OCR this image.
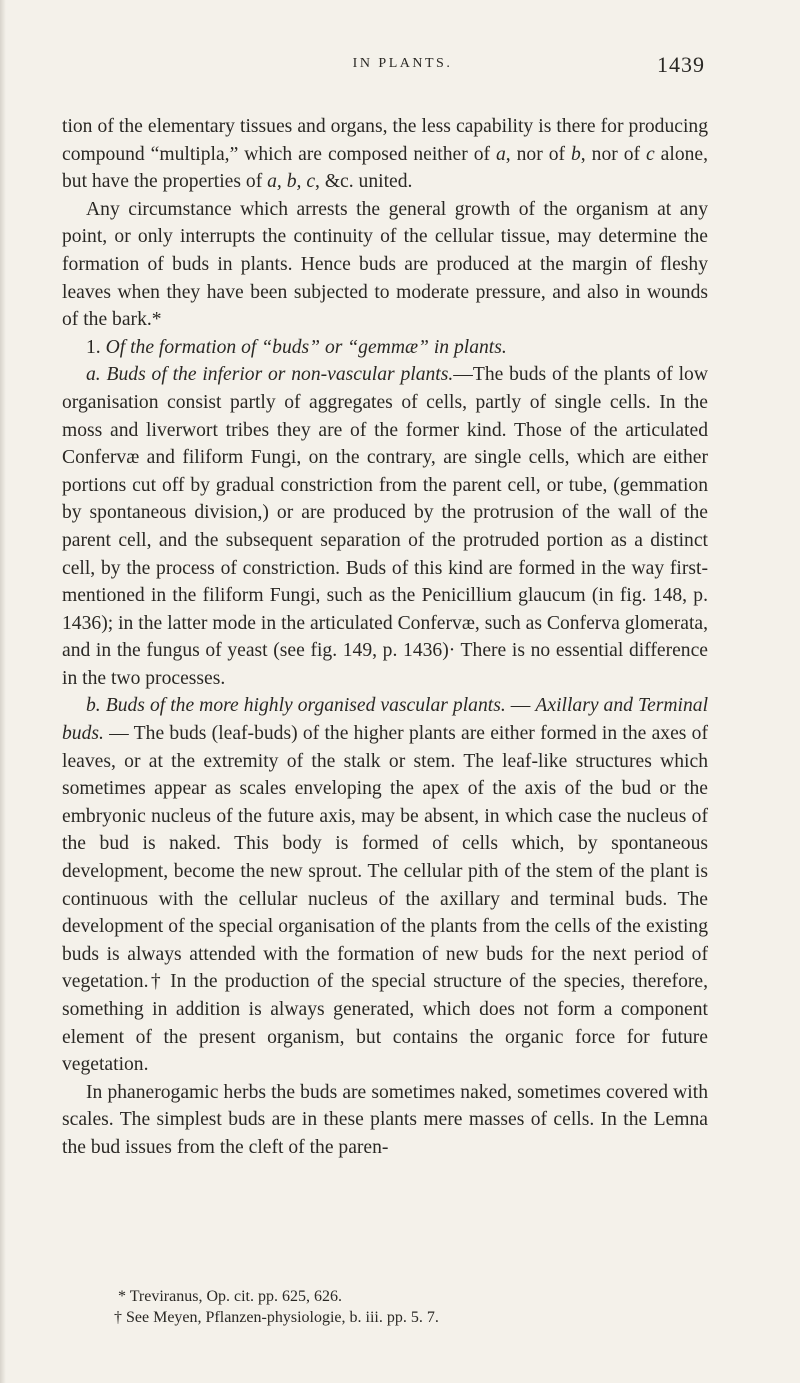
IN PLANTS.	1439

tion of the elementary tissues and organs, the less capability is there for producing compound “multipla,” which are composed neither of a, nor of b, nor of c alone, but have the properties of a, b, c, &c. united.

Any circumstance which arrests the general growth of the organism at any point, or only interrupts the continuity of the cellular tissue, may determine the formation of buds in plants. Hence buds are produced at the margin of fleshy leaves when they have been subjected to moderate pressure, and also in wounds of the bark.*

1. Of the formation of “buds” or “gemmæ” in plants.

a. Buds of the inferior or non-vascular plants.—The buds of the plants of low organisation consist partly of aggregates of cells, partly of single cells. In the moss and liverwort tribes they are of the former kind. Those of the articulated Confervæ and filiform Fungi, on the contrary, are single cells, which are either portions cut off by gradual constriction from the parent cell, or tube, (gemmation by spontaneous division,) or are produced by the protrusion of the wall of the parent cell, and the subsequent separation of the protruded portion as a distinct cell, by the process of constriction. Buds of this kind are formed in the way first-mentioned in the filiform Fungi, such as the Penicillium glaucum (in fig. 148, p. 1436); in the latter mode in the articulated Confervæ, such as Conferva glomerata, and in the fungus of yeast (see fig. 149, p. 1436)· There is no essential difference in the two processes.

b. Buds of the more highly organised vascular plants. — Axillary and Terminal buds. — The buds (leaf-buds) of the higher plants are either formed in the axes of leaves, or at the extremity of the stalk or stem. The leaf-like structures which sometimes appear as scales enveloping the apex of the axis of the bud or the embryonic nucleus of the future axis, may be absent, in which case the nucleus of the bud is naked. This body is formed of cells which, by spontaneous development, become the new sprout. The cellular pith of the stem of the plant is continuous with the cellular nucleus of the axillary and terminal buds. The development of the special organisation of the plants from the cells of the existing buds is always attended with the formation of new buds for the next period of vegetation.† In the production of the special structure of the species, therefore, something in addition is always generated, which does not form a component element of the present organism, but contains the organic force for future vegetation.

In phanerogamic herbs the buds are sometimes naked, sometimes covered with scales. The simplest buds are in these plants mere masses of cells. In the Lemna the bud issues from the cleft of the paren-

* Treviranus, Op. cit. pp. 625, 626.

† See Meyen, Pflanzen-physiologie, b. iii. pp. 5. 7.
